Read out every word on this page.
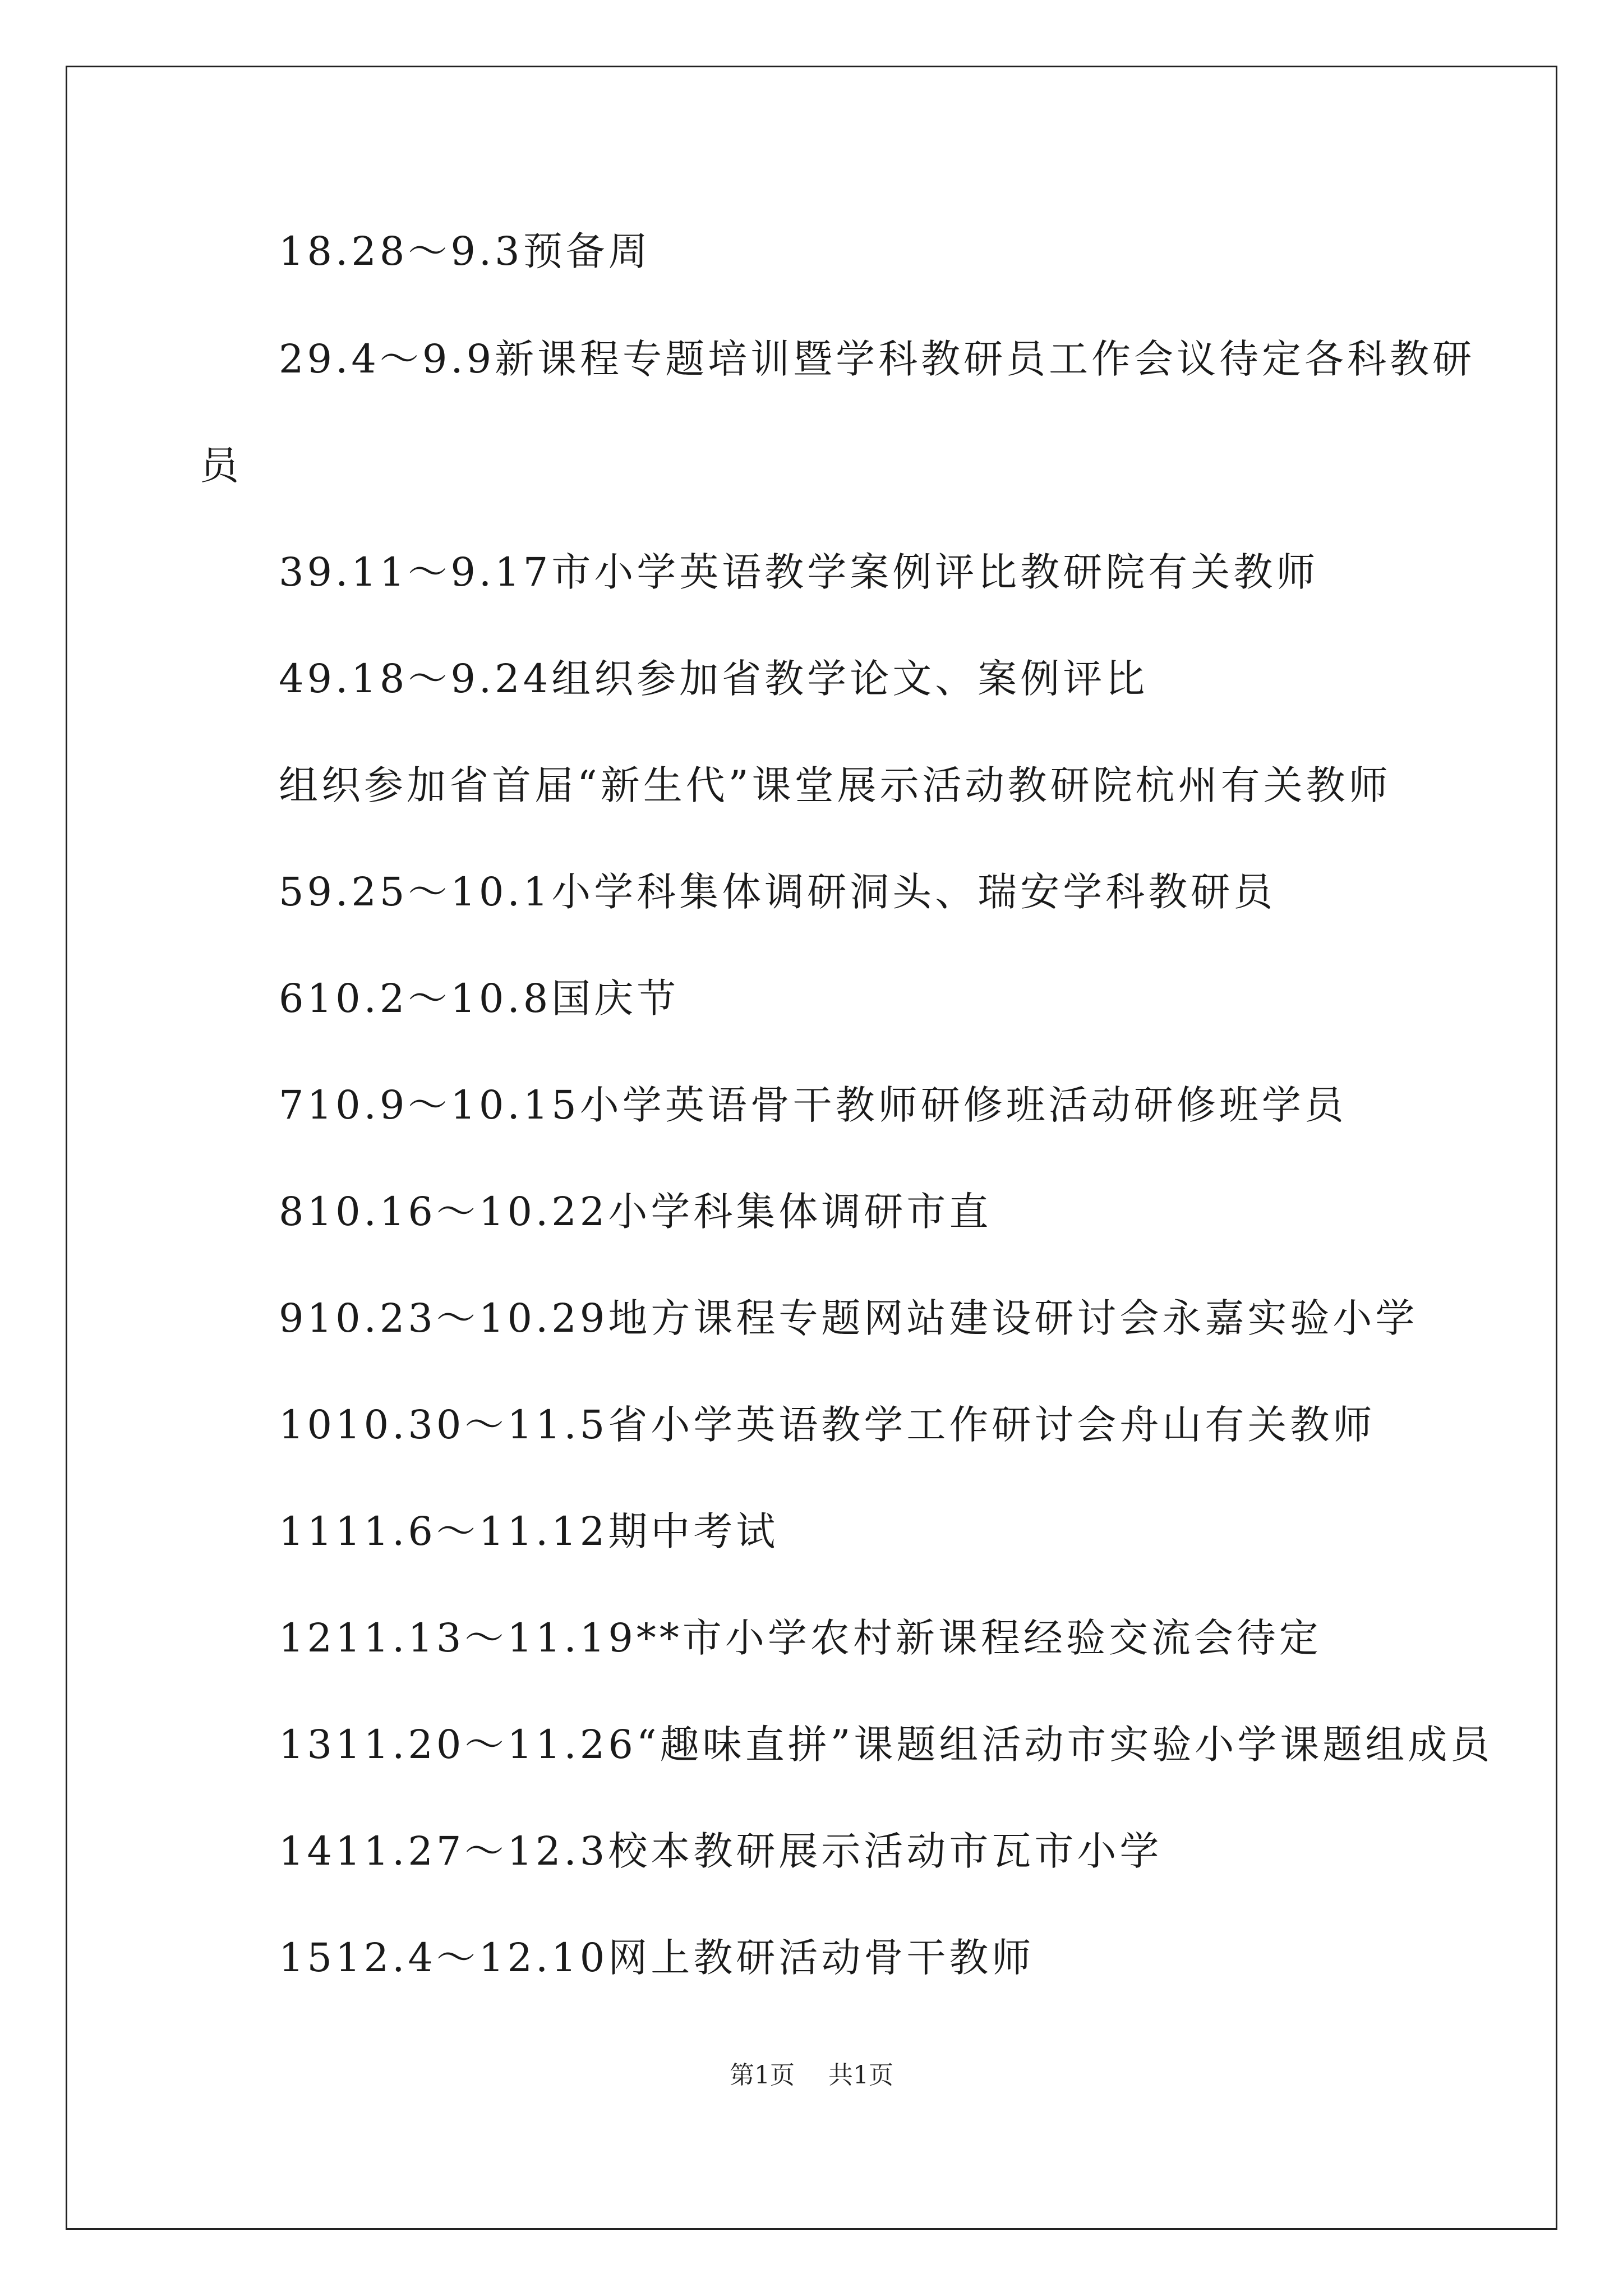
18.28～9.3预备周
29.4～9.9新课程专题培训暨学科教研员工作会议待定各科教研
员
39.11～9.17市小学英语教学案例评比教研院有关教师
49.18～9.24组织参加省教学论文、案例评比
组织参加省首届“新生代”课堂展示活动教研院杭州有关教师
59.25～10.1小学科集体调研洞头、瑞安学科教研员
610.2～10.8国庆节
710.9～10.15小学英语骨干教师研修班活动研修班学员
810.16～10.22小学科集体调研市直
910.23～10.29地方课程专题网站建设研讨会永嘉实验小学
1010.30～11.5省小学英语教学工作研讨会舟山有关教师
1111.6～11.12期中考试
1211.13～11.19**市小学农村新课程经验交流会待定
1311.20～11.26“趣味直拼”课题组活动市实验小学课题组成员
1411.27～12.3校本教研展示活动市瓦市小学
1512.4～12.10网上教研活动骨干教师
第1页 共1页
